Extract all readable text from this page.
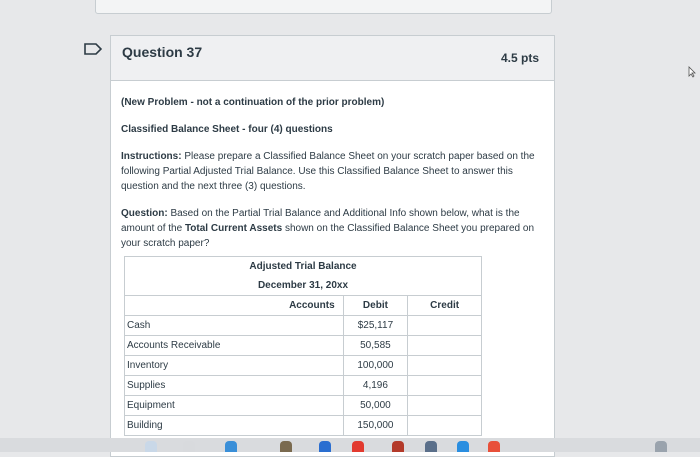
Question 37	4.5 pts

(New Problem - not a continuation of the prior problem)

Classified Balance Sheet - four (4) questions

Instructions: Please prepare a Classified Balance Sheet on your scratch paper based on the following Partial Adjusted Trial Balance. Use this Classified Balance Sheet to answer this question and the next three (3) questions.

Question: Based on the Partial Trial Balance and Additional Info shown below, what is the amount of the Total Current Assets shown on the Classified Balance Sheet you prepared on your scratch paper?

Adjusted Trial Balance		
December 31, 20xx		
Accounts	Debit	Credit
Cash	$25,117	
Accounts Receivable	50,585	
Inventory	100,000	
Supplies	4,196	
Equipment	50,000	
Building	150,000	
